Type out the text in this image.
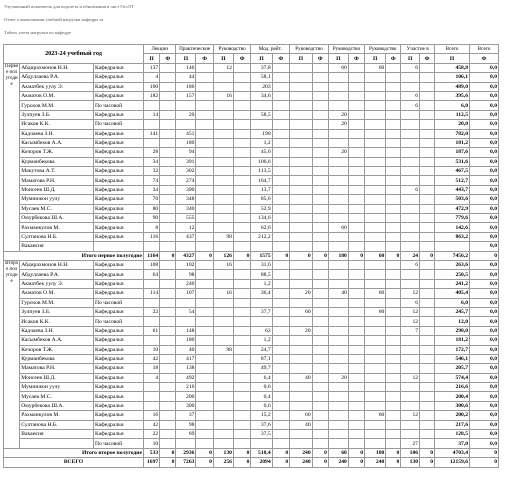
Улучшенный показатель для подсчета и обновления в лист ОтсЛТ
Отчет о выполнении учебной нагрузки кафедры за
Табель учета нагрузки по кафедре
2023-24 учебный год			Лекции		Практические		Руководство		Мод. рейт.		Руководство		Руководство		Руководство		Участие в		Всего	Всего
			П	Ф	П	Ф	П	Ф	П	Ф	П	Ф	П	Ф	П	Ф	П	Ф	П	Ф
Первое полугодие	Абдирахмонов Н.Н.	Кафедральн	137		146		12		37,8				60		60		6		458,8	0,0
	Абдуллаева Р.А.	Кафедральн	4		44				58,1										106,1	0,0
	Акматбек уулу Э.	Кафедральн	100		186				203										489,0	0,0
	Акматов О.М.	Кафедральн	182		157		16		34,6								6		395,6	0,0
	Гурохов М.М.	По часовой															6		6,0	0,0
	Зулпуев З.Б.	Кафедральн	14		20				58,5				20						112,5	0,0
	Исаков К.К.	По часовой											20						20,0	0,0
	Кадчаева З.Н.	Кафедральн	141		451				190										782,0	0,0
	Касымбеков А.А.	Кафедральн			180				1,2										181,2	0,0
	Кочоров Т.Ж.	Кафедральн	28		94				45,6				20						187,6	0,0
	Курманбекова	Кафедральн	34		391				106,6										531,6	0,0
	Макутова А.Т.	Кафедральн	32		302				113,5										467,5	0,0
	Маматова Р.Н.	Кафедральн	74		274				164,7										512,7	0,0
	Моисеев Ш.Д.	Кафедральн	34		390				13,7								6		443,7	0,0
	Муминжон уулу	Кафедральн	70		348				85,6										503,6	0,0
	Мусаев М.С.	Кафедральн	80		340				52,9										472,9	0,0
	Омурбекова Ш.А.	Кафедральн	90		555				134,6										779,6	0,0
	Рахманкулов М.	Кафедральн	8		12				62,6				60						142,6	0,0
	Султанова Н.Б.	Кафедральн	116		437		98		212,2										863,2	0,0
	Вакансия																			0,0
Итого первое полугодие			1164	0	4327	0	126	0	1575	0	0	0	180	0	60	0	24	0	7456,2	0
Второе полугодие	Абдирахмонов Н.Н.	Кафедральн	108		102		16		31,6								6		263,6	0,0
	Абдуллаева Р.А.	Кафедральн	64		98				88,5										250,5	0,0
	Акматбек уулу Э.	Кафедральн			240				1,2										241,2	0,0
	Акматов О.М.	Кафедральн	114		107		16		36,4		20		40		60		12		405,4	0,0
	Гурохов М.М.	По часовой															6		6,0	0,0
	Зулпуев З.Б.	Кафедральн	22		54				37,7		60				60		12		245,7	0,0
	Исаков К.К.	По часовой															12		12,0	0,0
	Кадчаева З.Н.	Кафедральн	61		148				62		20						7		298,0	0,0
	Касымбеков А.А.	Кафедральн			180				1,2										181,2	0,0
	Кочоров Т.Ж.	Кафедральн	10		40		98		24,7										172,7	0,0
	Курманбекова	Кафедральн	42		417				87,1										546,1	0,0
	Маматова Р.Н.	Кафедральн	18		138				49,7										205,7	0,0
	Моисеев Ш.Д.	Кафедральн	4		492				6,4		40		20				12		574,4	0,0
	Муминжон уулу	Кафедральн			216				0,6										216,6	0,0
	Мусаев М.С.	Кафедральн			200				0,4										200,4	0,0
	Омурбекова Ш.А.	Кафедральн			300				0,6										300,6	0,0
	Рахманкулов М.	Кафедральн	16		37				15,2		60				60		12		200,2	0,0
	Султанова Н.Б.	Кафедральн	42		98				37,6		40								217,6	0,0
	Вакансия	Кафедральн	22		69				37,5										128,5	0,0
		По часовой	10														27		37,0	0,0
Итого второе полугодие			533	0	2936	0	130	0	518,4	0	240	0	60	0	180	0	106	0	4703,4	0
ВСЕГО			1697	0	7263	0	256	0	2094	0	240	0	240	0	240	0	130	0	12159,6	0
